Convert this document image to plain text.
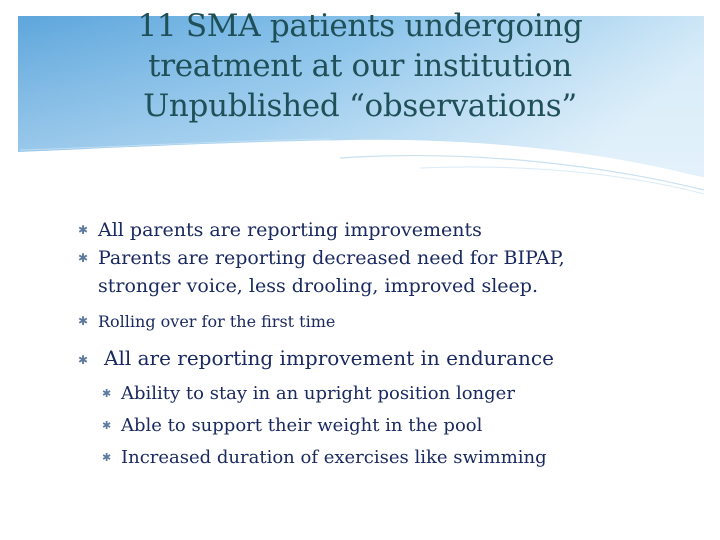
11 SMA patients undergoing
treatment at our institution
Unpublished “observations”
✱ All parents are reporting improvements
✱ Parents are reporting decreased need for BIPAP,
stronger voice, less drooling, improved sleep.
✱ Rolling over for the first time
✱ All are reporting improvement in endurance
✱ Ability to stay in an upright position longer
✱ Able to support their weight in the pool
✱ Increased duration of exercises like swimming
